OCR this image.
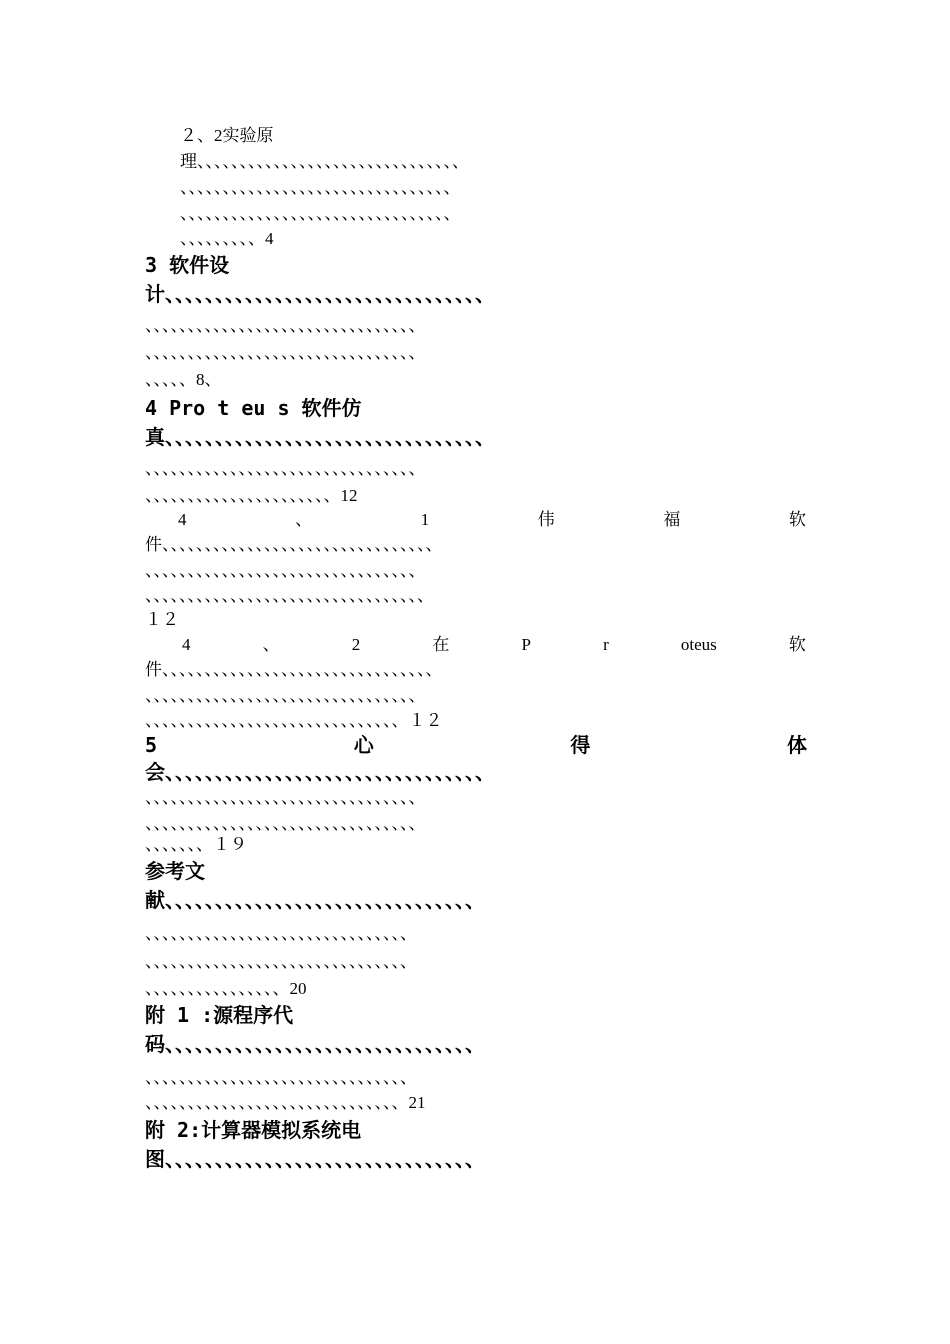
２、2实验原
理、、、、、、、、、、、、、、、、、、、、、、、、、、、、、、、
、、、、、、、、、、、、、、、、、、、、、、、、、、、、、、、、
、、、、、、、、、、、、、、、、、、、、、、、、、、、、、、、、
、、、、、、、、、4
3 软件设
计、、、、、、、、、、、、、、、、、、、、、、、、、、、、、、、、
、、、、、、、、、、、、、、、、、、、、、、、、、、、、、、、、
、、、、、、、、、、、、、、、、、、、、、、、、、、、、、、、、
、、、、、8、
4 Pro t eu s 软件仿
真、、、、、、、、、、、、、、、、、、、、、、、、、、、、、、、、
、、、、、、、、、、、、、、、、、、、、、、、、、、、、、、、、
、、、、、、、、、、、、、、、、、、、、、、12
4	、	1	伟	福	软
件、、、、、、、、、、、、、、、、、、、、、、、、、、、、、、、、
、、、、、、、、、、、、、、、、、、、、、、、、、、、、、、、、
、、、、、、、、、、、、、、、、、、、、、、、、、、、、、、、、、
１２
4	、	2	在	P	r	oteus	软
件、、、、、、、、、、、、、、、、、、、、、、、、、、、、、、、、
、、、、、、、、、、、、、、、、、、、、、、、、、、、、、、、、
、、、、、、、、、、、、、、、、、、、、、、、、、、、、、、１２
5	心	得	体
会、、、、、、、、、、、、、、、、、、、、、、、、、、、、、、、、
、、、、、、、、、、、、、、、、、、、、、、、、、、、、、、、、
、、、、、、、、、、、、、、、、、、、、、、、、、、、、、、、、
、、、、、、、１９
参考文
献、、、、、、、、、、、、、、、、、、、、、、、、、、、、、、、
、、、、、、、、、、、、、、、、、、、、、、、、、、、、、、、
、、、、、、、、、、、、、、、、、、、、、、、、、、、、、、、
、、、、、、、、、、、、、、、、20
附 1 :源程序代
码、、、、、、、、、、、、、、、、、、、、、、、、、、、、、、、
、、、、、、、、、、、、、、、、、、、、、、、、、、、、、、、
、、、、、、、、、、、、、、、、、、、、、、、、、、、、、、21
附 2:计算器模拟系统电
图、、、、、、、、、、、、、、、、、、、、、、、、、、、、、、、
